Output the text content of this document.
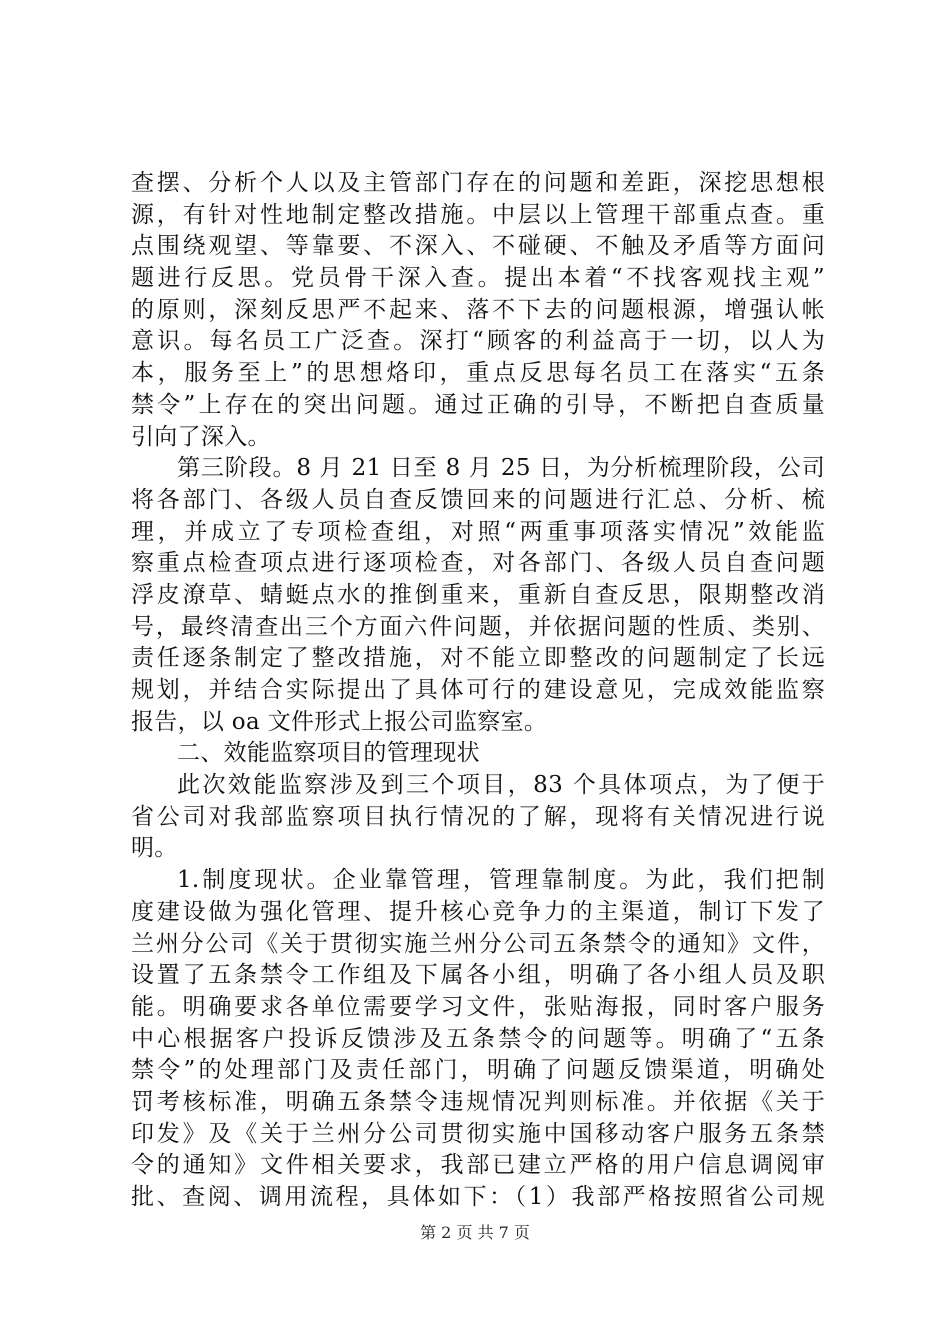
查摆、分析个人以及主管部门存在的问题和差距，深挖思想根
源，有针对性地制定整改措施。中层以上管理干部重点查。重
点围绕观望、等靠要、不深入、不碰硬、不触及矛盾等方面问
题进行反思。党员骨干深入查。提出本着“不找客观找主观”
的原则，深刻反思严不起来、落不下去的问题根源，增强认帐
意识。每名员工广泛查。深打“顾客的利益高于一切，以人为
本，服务至上”的思想烙印，重点反思每名员工在落实“五条
禁令”上存在的突出问题。通过正确的引导，不断把自查质量
引向了深入。
第三阶段。8 月 21 日至 8 月 25 日，为分析梳理阶段，公司
将各部门、各级人员自查反馈回来的问题进行汇总、分析、梳
理，并成立了专项检查组，对照“两重事项落实情况”效能监
察重点检查项点进行逐项检查，对各部门、各级人员自查问题
浮皮潦草、蜻蜓点水的推倒重来，重新自查反思，限期整改消
号，最终清查出三个方面六件问题，并依据问题的性质、类别、
责任逐条制定了整改措施，对不能立即整改的问题制定了长远
规划，并结合实际提出了具体可行的建设意见，完成效能监察
报告，以 oa 文件形式上报公司监察室。
二、效能监察项目的管理现状
此次效能监察涉及到三个项目，83 个具体项点，为了便于
省公司对我部监察项目执行情况的了解，现将有关情况进行说
明。
1.制度现状。企业靠管理，管理靠制度。为此，我们把制
度建设做为强化管理、提升核心竞争力的主渠道，制订下发了
兰州分公司《关于贯彻实施兰州分公司五条禁令的通知》文件，
设置了五条禁令工作组及下属各小组，明确了各小组人员及职
能。明确要求各单位需要学习文件，张贴海报，同时客户服务
中心根据客户投诉反馈涉及五条禁令的问题等。明确了“五条
禁令”的处理部门及责任部门，明确了问题反馈渠道，明确处
罚考核标准，明确五条禁令违规情况判则标准。并依据《关于
印发》及《关于兰州分公司贯彻实施中国移动客户服务五条禁
令的通知》文件相关要求，我部已建立严格的用户信息调阅审
批、查阅、调用流程，具体如下：（1）我部严格按照省公司规
第 2 页 共 7 页
